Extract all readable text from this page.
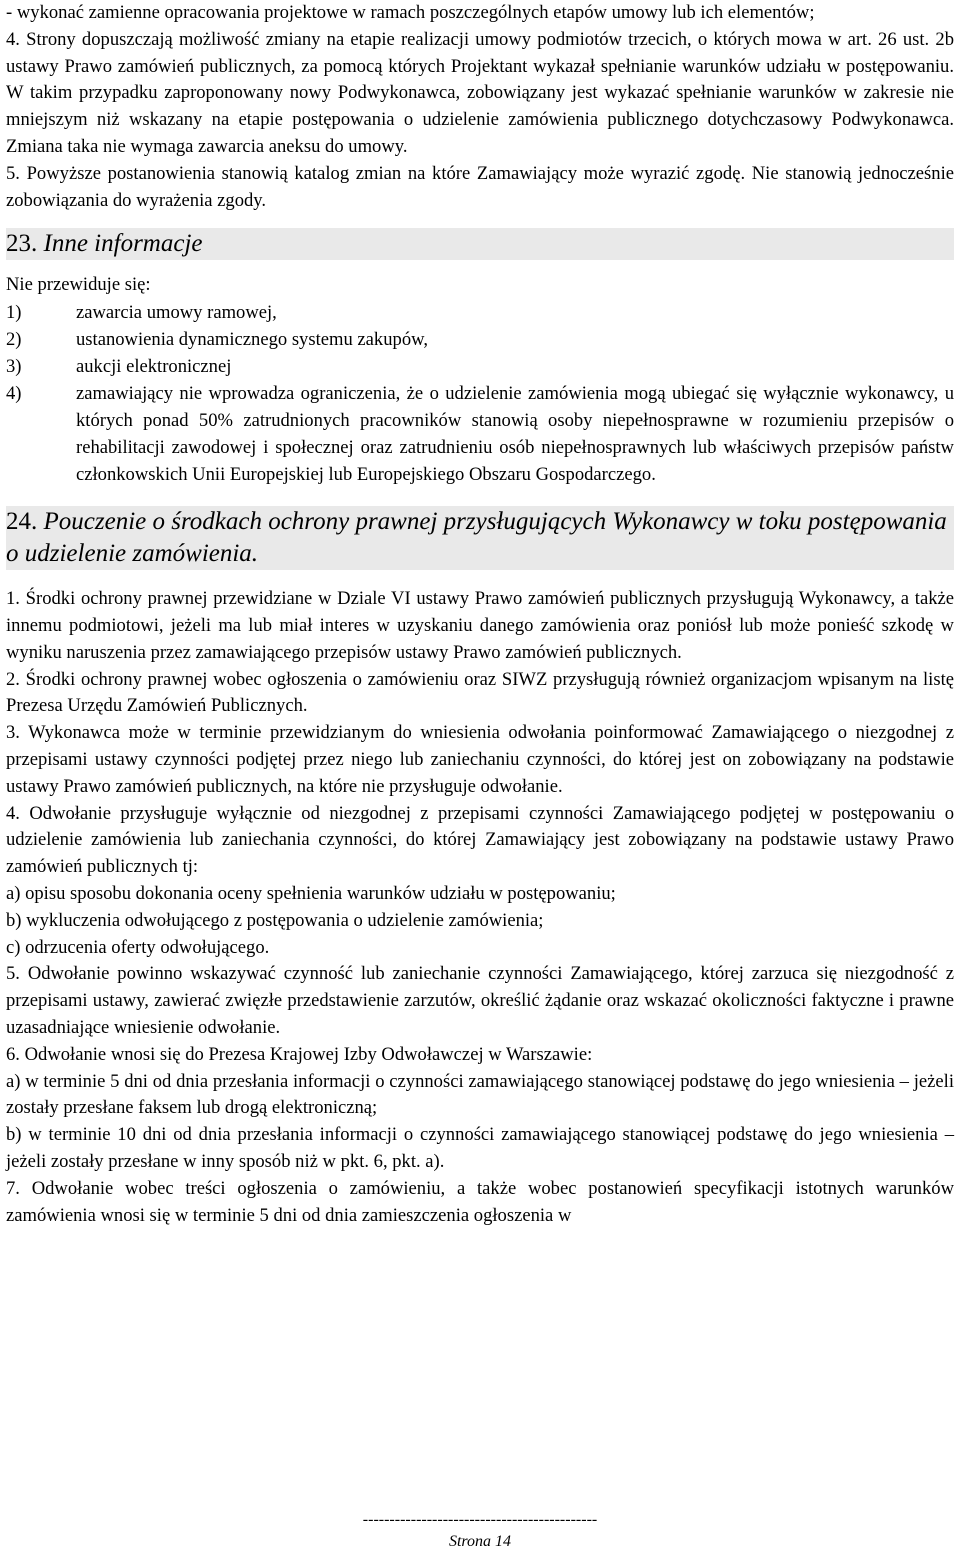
- wykonać zamienne opracowania projektowe w ramach poszczególnych etapów umowy lub ich elementów;

4. Strony dopuszczają możliwość zmiany na etapie realizacji umowy podmiotów trzecich, o których mowa w art. 26 ust. 2b ustawy Prawo zamówień publicznych, za pomocą których Projektant wykazał spełnianie warunków udziału w postępowaniu. W takim przypadku zaproponowany nowy Podwykonawca, zobowiązany jest wykazać spełnianie warunków w zakresie nie mniejszym niż wskazany na etapie postępowania o udzielenie zamówienia publicznego dotychczasowy Podwykonawca. Zmiana taka nie wymaga zawarcia aneksu do umowy.

5. Powyższe postanowienia stanowią katalog zmian na które Zamawiający może wyrazić zgodę. Nie stanowią jednocześnie zobowiązania do wyrażenia zgody.

23. Inne informacje

Nie przewiduje się:

1)	zawarcia umowy ramowej,
2)	ustanowienia dynamicznego systemu zakupów,
3)	aukcji elektronicznej
4)	zamawiający nie wprowadza ograniczenia, że o udzielenie zamówienia mogą ubiegać się wyłącznie wykonawcy, u których ponad 50% zatrudnionych pracowników stanowią osoby niepełnosprawne w rozumieniu przepisów o rehabilitacji zawodowej i społecznej oraz zatrudnieniu osób niepełnosprawnych lub właściwych przepisów państw członkowskich Unii Europejskiej lub Europejskiego Obszaru Gospodarczego.
24. Pouczenie o środkach ochrony prawnej przysługujących Wykonawcy w toku postępowania o udzielenie zamówienia.

1. Środki ochrony prawnej przewidziane w Dziale VI ustawy Prawo zamówień publicznych przysługują Wykonawcy, a także innemu podmiotowi, jeżeli ma lub miał interes w uzyskaniu danego zamówienia oraz poniósł lub może ponieść szkodę w wyniku naruszenia przez zamawiającego przepisów ustawy Prawo zamówień publicznych.

2. Środki ochrony prawnej wobec ogłoszenia o zamówieniu oraz SIWZ przysługują również organizacjom wpisanym na listę Prezesa Urzędu Zamówień Publicznych.

3. Wykonawca może w terminie przewidzianym do wniesienia odwołania poinformować Zamawiającego o niezgodnej z przepisami ustawy czynności podjętej przez niego lub zaniechaniu czynności, do której jest on zobowiązany na podstawie ustawy Prawo zamówień publicznych, na które nie przysługuje odwołanie.

4. Odwołanie przysługuje wyłącznie od niezgodnej z przepisami czynności Zamawiającego podjętej w postępowaniu o udzielenie zamówienia lub zaniechania czynności, do której Zamawiający jest zobowiązany na podstawie ustawy Prawo zamówień publicznych tj:

a) opisu sposobu dokonania oceny spełnienia warunków udziału w postępowaniu;

b) wykluczenia odwołującego z postępowania o udzielenie zamówienia;

c) odrzucenia oferty odwołującego.

5. Odwołanie powinno wskazywać czynność lub zaniechanie czynności Zamawiającego, której zarzuca się niezgodność z przepisami ustawy, zawierać zwięzłe przedstawienie zarzutów, określić żądanie oraz wskazać okoliczności faktyczne i prawne uzasadniające wniesienie odwołanie.

6. Odwołanie wnosi się do Prezesa Krajowej Izby Odwoławczej w Warszawie:

a) w terminie 5 dni od dnia przesłania informacji o czynności zamawiającego stanowiącej podstawę do jego wniesienia – jeżeli zostały przesłane faksem lub drogą elektroniczną;

b) w terminie 10 dni od dnia przesłania informacji o czynności zamawiającego stanowiącej podstawę do jego wniesienia – jeżeli zostały przesłane w inny sposób niż w pkt. 6, pkt. a).

7. Odwołanie wobec treści ogłoszenia o zamówieniu, a także wobec postanowień specyfikacji istotnych warunków zamówienia wnosi się w terminie 5 dni od dnia zamieszczenia ogłoszenia w

--------------------------------------------
Strona 14
